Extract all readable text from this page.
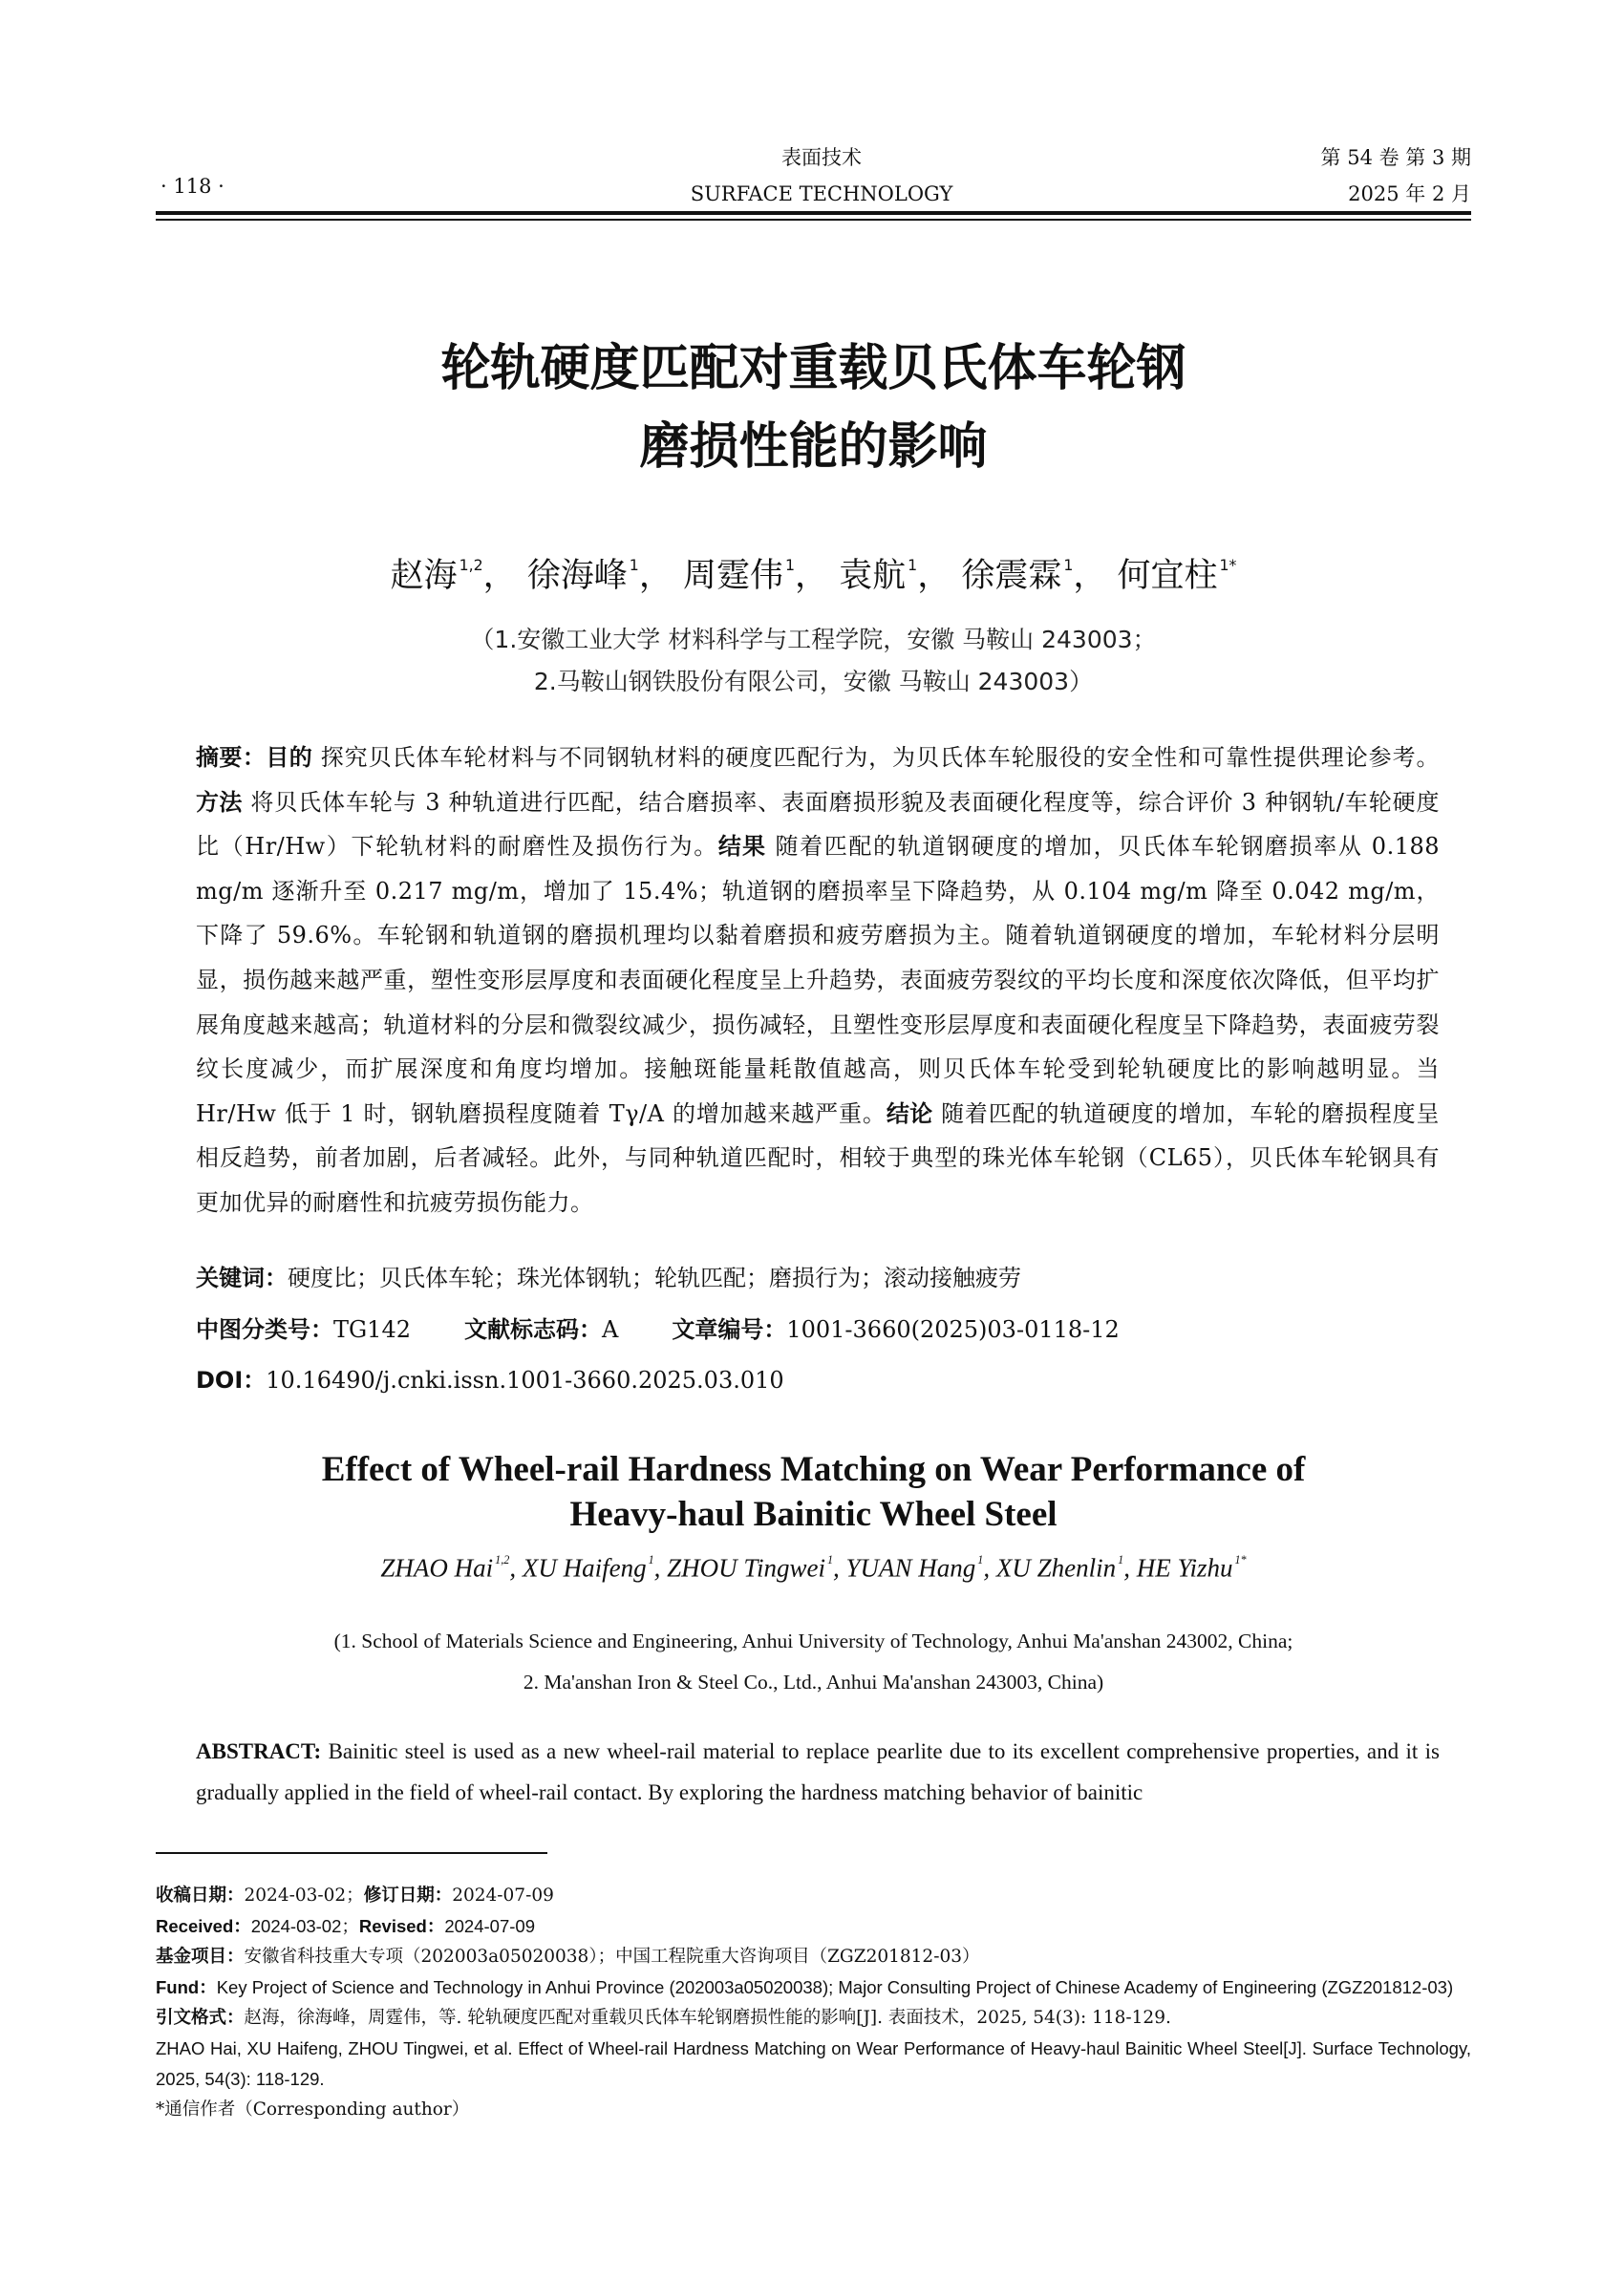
· 118 ·
表面技术
SURFACE TECHNOLOGY
第 54 卷 第 3 期
2025 年 2 月
轮轨硬度匹配对重载贝氏体车轮钢
磨损性能的影响
赵海 $^{1,2}$， 徐海峰 $^1$， 周霆伟 $^1$， 袁航 $^1$， 徐震霖 $^1$， 何宜柱 $^{1*}$
（1.安徽工业大学 材料科学与工程学院，安徽 马鞍山 243003；
2.马鞍山钢铁股份有限公司，安徽 马鞍山 243003）
摘要：目的 探究贝氏体车轮材料与不同钢轨材料的硬度匹配行为，为贝氏体车轮服役的安全性和可靠性提供理论参考。方法 将贝氏体车轮与 3 种轨道进行匹配，结合磨损率、表面磨损形貌及表面硬化程度等，综合评价 3 种钢轨/车轮硬度比（Hr/Hw）下轮轨材料的耐磨性及损伤行为。结果 随着匹配的轨道钢硬度的增加，贝氏体车轮钢磨损率从 0.188 mg/m 逐渐升至 0.217 mg/m，增加了 15.4%；轨道钢的磨损率呈下降趋势，从 0.104 mg/m 降至 0.042 mg/m，下降了 59.6%。车轮钢和轨道钢的磨损机理均以黏着磨损和疲劳磨损为主。随着轨道钢硬度的增加，车轮材料分层明显，损伤越来越严重，塑性变形层厚度和表面硬化程度呈上升趋势，表面疲劳裂纹的平均长度和深度依次降低，但平均扩展角度越来越高；轨道材料的分层和微裂纹减少，损伤减轻，且塑性变形层厚度和表面硬化程度呈下降趋势，表面疲劳裂纹长度减少，而扩展深度和角度均增加。接触斑能量耗散值越高，则贝氏体车轮受到轮轨硬度比的影响越明显。当 Hr/Hw 低于 1 时，钢轨磨损程度随着 Tγ/A 的增加越来越严重。结论 随着匹配的轨道硬度的增加，车轮的磨损程度呈相反趋势，前者加剧，后者减轻。此外，与同种轨道匹配时，相较于典型的珠光体车轮钢（CL65），贝氏体车轮钢具有更加优异的耐磨性和抗疲劳损伤能力。
关键词：硬度比；贝氏体车轮；珠光体钢轨；轮轨匹配；磨损行为；滚动接触疲劳
中图分类号：TG142 文献标志码：A 文章编号：1001-3660(2025)03-0118-12
DOI：10.16490/j.cnki.issn.1001-3660.2025.03.010
Effect of Wheel-rail Hardness Matching on Wear Performance of
Heavy-haul Bainitic Wheel Steel
ZHAO Hai $^{1,2}$, XU Haifeng $^1$, ZHOU Tingwei $^1$, YUAN Hang $^1$, XU Zhenlin $^1$, HE Yizhu $^{1*}$
(1. School of Materials Science and Engineering, Anhui University of Technology, Anhui Ma'anshan 243002, China;
2. Ma'anshan Iron & Steel Co., Ltd., Anhui Ma'anshan 243003, China)
ABSTRACT: Bainitic steel is used as a new wheel-rail material to replace pearlite due to its excellent comprehensive properties, and it is gradually applied in the field of wheel-rail contact. By exploring the hardness matching behavior of bainitic
收稿日期：2024-03-02；修订日期：2024-07-09
Received：2024-03-02；Revised：2024-07-09
基金项目：安徽省科技重大专项（202003a05020038）；中国工程院重大咨询项目（ZGZ201812-03）
Fund：Key Project of Science and Technology in Anhui Province (202003a05020038); Major Consulting Project of Chinese Academy of Engineering (ZGZ201812-03)
引文格式：赵海，徐海峰，周霆伟，等. 轮轨硬度匹配对重载贝氏体车轮钢磨损性能的影响[J]. 表面技术，2025, 54(3): 118-129.
ZHAO Hai, XU Haifeng, ZHOU Tingwei, et al. Effect of Wheel-rail Hardness Matching on Wear Performance of Heavy-haul Bainitic Wheel Steel[J]. Surface Technology, 2025, 54(3): 118-129.
*通信作者（Corresponding author）
